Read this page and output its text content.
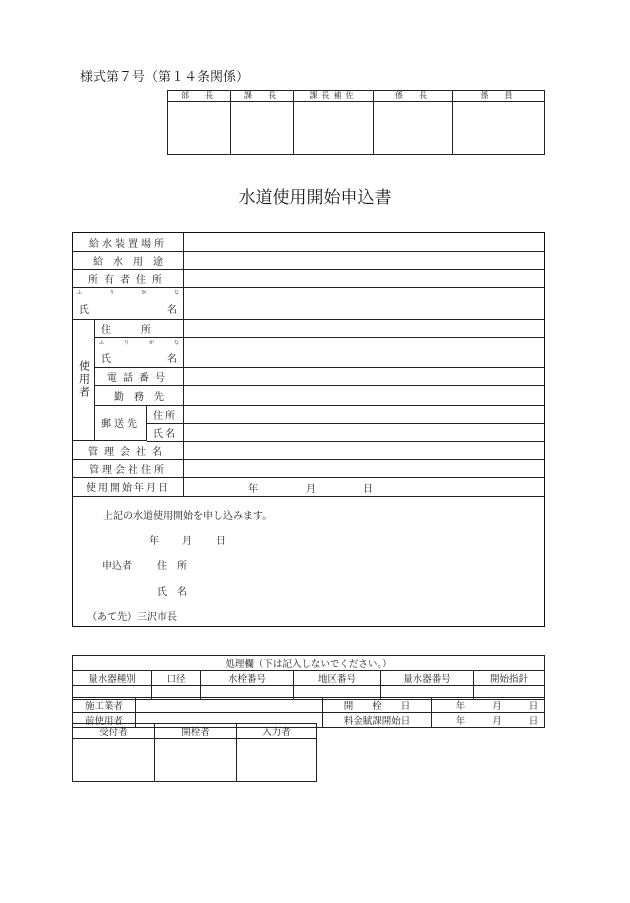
様式第７号（第１４条関係）
部　長	課　長	課長補佐	係　長	係　員

水道使用開始申込書
給水装置場所
給　水　用　途
所有者住所
ふ	り	が	な
氏　　　名
使用者
住　　　所
ふ	り	が	な
氏　　　名
電話番号
勤　務　先
郵送先
住所
氏名
管理会社名
管理会社住所
使用開始年月日	年	月	日
上記の水道使用開始を申し込みます。
年 月 日
申込者	住　所
氏　名
（あて先）三沢市長
処理欄（下は記入しないでください。）					
量水器種別	口径	水栓番号	地区番号	量水器番号	開始指針

施工業者		開　　栓　　日	年 月 日
前使用者		料金賦課開始日	年 月 日
受付者	開栓者	入力者
